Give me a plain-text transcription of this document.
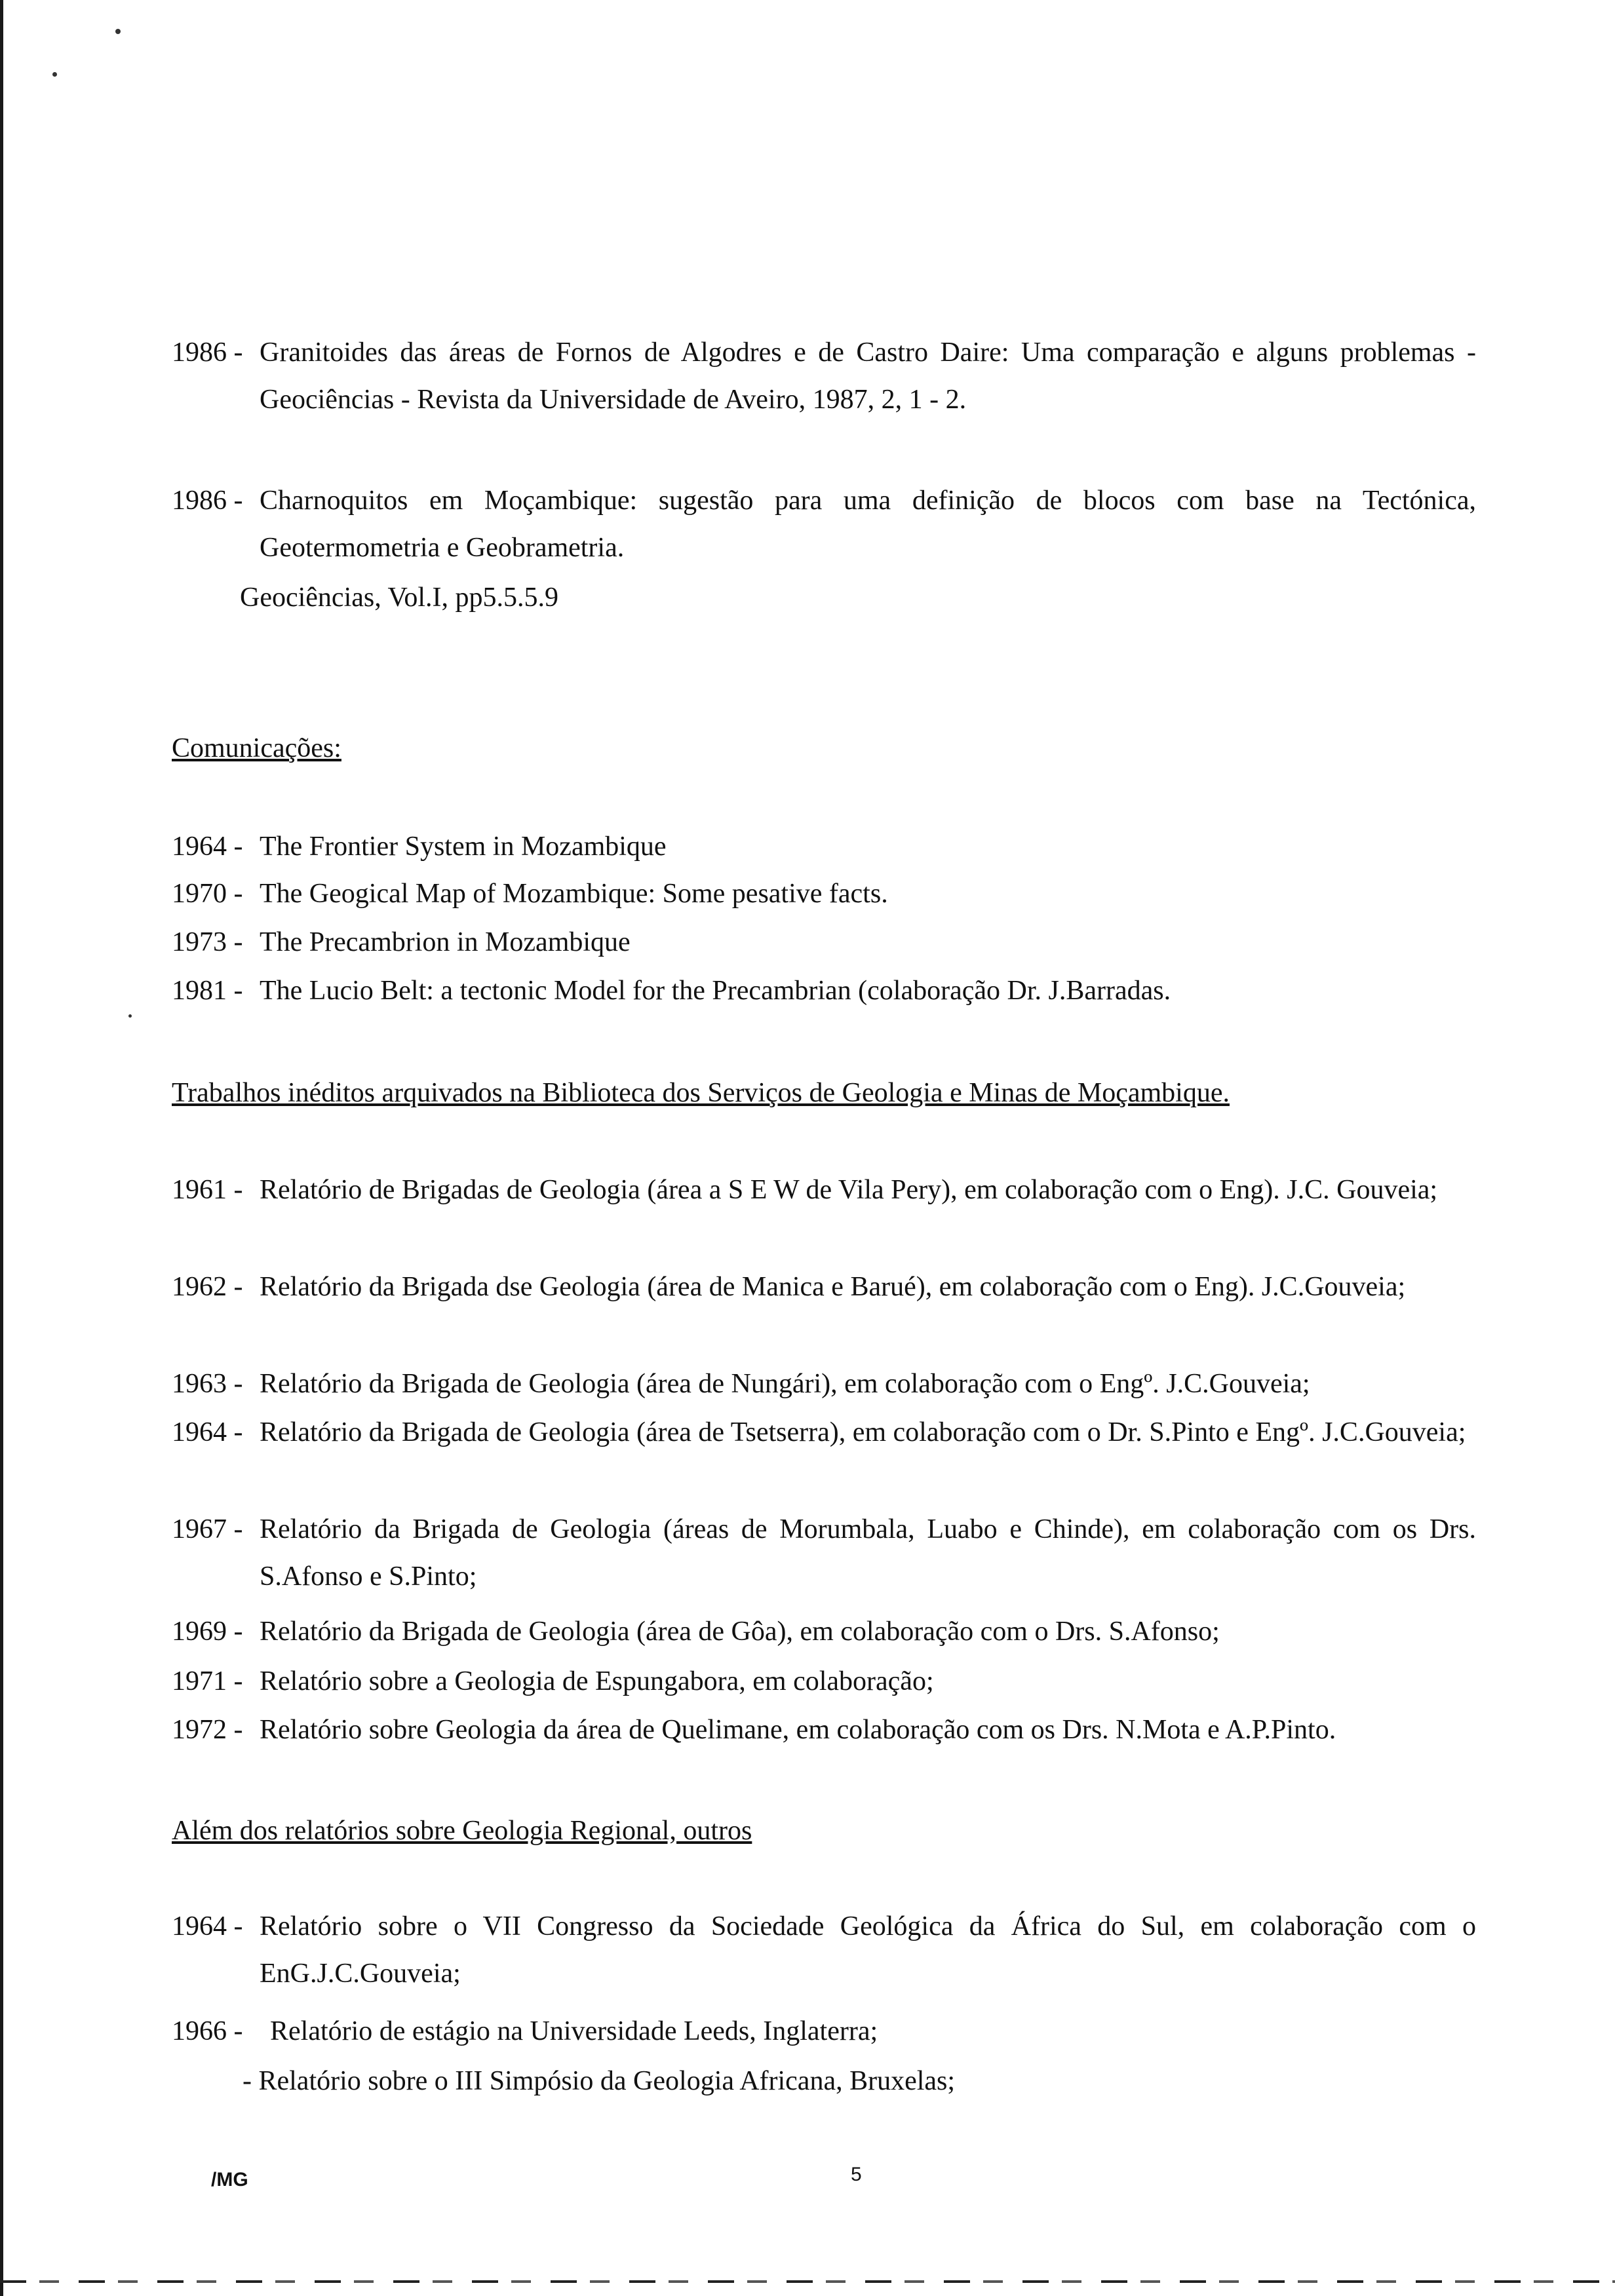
1986 - Granitoides das áreas de Fornos de Algodres e de Castro Daire: Uma comparação e alguns problemas - Geociências - Revista da Universidade de Aveiro, 1987, 2, 1 - 2.
1986 - Charnoquitos em Moçambique: sugestão para uma definição de blocos com base na Tectónica, Geotermometria e Geobrametria.
Geociências, Vol.I, pp5.5.5.9
Comunicações:
1964 - The Frontier System in Mozambique
1970 - The Geogical Map of Mozambique: Some pesative facts.
1973 - The Precambrion in Mozambique
1981 - The Lucio Belt: a tectonic Model for the Precambrian (colaboração Dr. J.Barradas.
Trabalhos inéditos arquivados na Biblioteca dos Serviços de Geologia e Minas de Moçambique.
1961 - Relatório de Brigadas de Geologia (área a S E W de Vila Pery), em colaboração com o Eng). J.C. Gouveia;
1962 - Relatório da Brigada dse Geologia (área de Manica e Barué), em colaboração com o Eng). J.C.Gouveia;
1963 - Relatório da Brigada de Geologia (área de Nungári), em colaboração com o Engº. J.C.Gouveia;
1964 - Relatório da Brigada de Geologia (área de Tsetserra), em colaboração com o Dr. S.Pinto e Engº. J.C.Gouveia;
1967 - Relatório da Brigada de Geologia (áreas de Morumbala, Luabo e Chinde), em colaboração com os Drs. S.Afonso e S.Pinto;
1969 - Relatório da Brigada de Geologia (área de Gôa), em colaboração com o Drs. S.Afonso;
1971 - Relatório sobre a Geologia de Espungabora, em colaboração;
1972 - Relatório sobre Geologia da área de Quelimane, em colaboração com os Drs. N.Mota e A.P.Pinto.
Além dos relatórios sobre Geologia Regional, outros
1964 - Relatório sobre o VII Congresso da Sociedade Geológica da África do Sul, em colaboração com o EnG.J.C.Gouveia;
1966 - Relatório de estágio na Universidade Leeds, Inglaterra;
- Relatório sobre o III Simpósio da Geologia Africana, Bruxelas;
/MG	5
